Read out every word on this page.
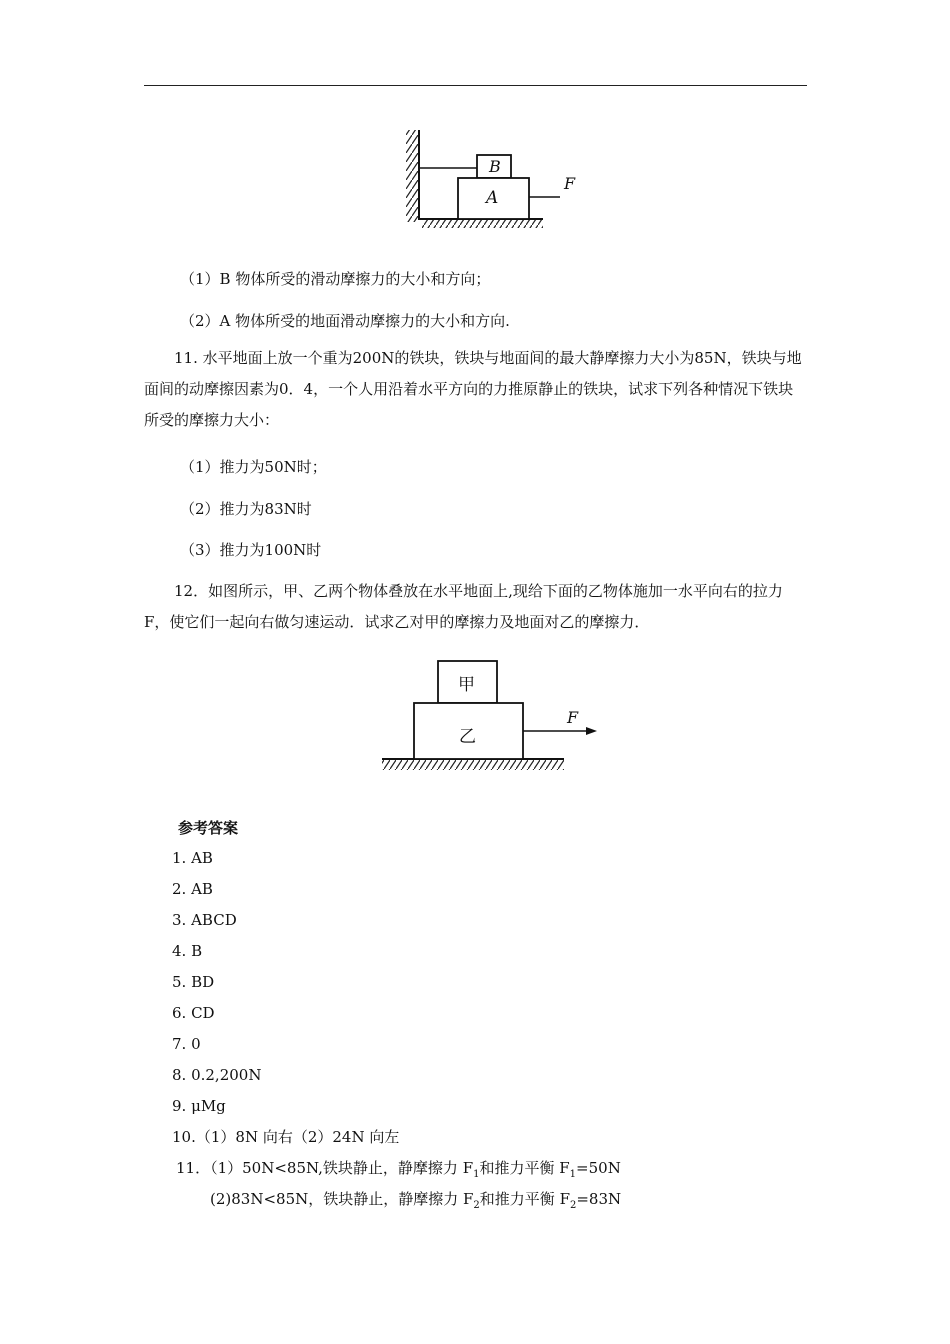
B
A
F
（1）B 物体所受的滑动摩擦力的大小和方向；
（2）A 物体所受的地面滑动摩擦力的大小和方向.
11. 水平地面上放一个重为200N的铁块，铁块与地面间的最大静摩擦力大小为85N，铁块与地面间的动摩擦因素为0．4，一个人用沿着水平方向的力推原静止的铁块，试求下列各种情况下铁块所受的摩擦力大小：
（1）推力为50N时；
（2）推力为83N时
（3）推力为100N时
12．如图所示，甲、乙两个物体叠放在水平地面上,现给下面的乙物体施加一水平向右的拉力F，使它们一起向右做匀速运动．试求乙对甲的摩擦力及地面对乙的摩擦力．
甲
乙
F
参考答案
1. AB
2. AB
3. ABCD
4. B
5. BD
6. CD
7. 0
8. 0.2,200N
9. μMg
10.（1）8N 向右（2）24N 向左
11．（1）50N<85N,铁块静止，静摩擦力 $F_1$和推力平衡 $F_1=50N$
(2)83N<85N，铁块静止，静摩擦力 $F_2$和推力平衡 $F_2=83N$
